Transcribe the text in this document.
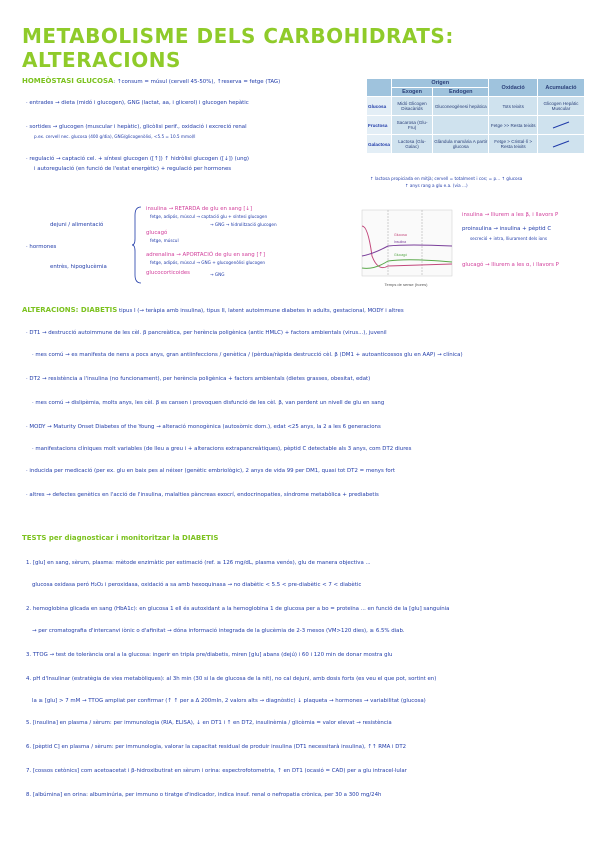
METABOLISME DELS CARBOHIDRATS: ALTERACIONS
HOMEÒSTASI GLUCOSA: ↑consum = músul (cervell 45-50%), ↑reserva = fetge (TAG)
· entrades → dieta (midó i glucogen), GNG (lactat, aa, i glicerol) i glucogen hepàtic
· sortides → glucogen (muscular i hepàtic), glicòlisi perif., oxidació i excreció renal
p.ex. cervell nec. glucosa (400 g/dia), GNG/glicogenòlisi, <5.5 = 10.5 mmol/l
· regulació → captació cel. + síntesi glucogen ([↑]) ↑ hidròlisi glucogen ([↓]) (ung)
i autoregulació (en funció de l'estat energètic) + regulació per hormones
	Origen		Oxidació	Acumulació
	Exogen	Endogen		
Glucosa	Midó Glicogen Disacàrids	Gluconeogènesi hepàtica	Tots teixits	Glicogen Hepàtic Muscular
Fructosa	Sacarosa (Glu-Fru)		Fetge >> Resta teixits	
Galactosa	Lactosa (Glu-Galac)	Glàndula mamària A partir glucosa	Fetge > Cristal·lí > Resta teixits	
↑ lactosa propiciada en mitjà; cervell = totalment i cos; = p... ↑ glucosa
↑ anys rang a glu e.a. (via ...)
· hormones
dejuni / alimentació
entrès, hipoglucèmia
insulina → RETARDA de glu en sang [↓]
fetge, adipós, múscul → captació glu + síntesi glucogen
→ GNG → hidrolització glucogen
glucagó
fetge, múscul
adrenalina → APORTACIÓ de glu en sang [↑]
fetge, adipós, múscul → GNG + glucogenòlisi glucogen
glucocorticoides	→ GNG
Temps de sense (hores)
Glucosa
Insulina
Glucagó
insulina → lliurem a les β, i llavors P
proinsulina → insulina + pèptid C
secreció + intra, lliurament dels ions
glucagó → lliurem a les α, i llavors P
ALTERACIONS: DIABETIS tipus I (→ teràpia amb insulina), tipus II, latent autoimmune diabetes in adults, gestacional, MODY i altres
· DT1 → destrucció autoimmune de les cèl. β pancreàtica, per herència poligènica (antic HMLC) + factors ambientals (virus...), juvenil
· mes comú → es manifesta de nens a pocs anys, gran antiinfeccions / genètica / (pèrdua/ràpida destrucció cèl. β (DM1 + autoanticossos glu en AAP) → clínica)
· DT2 → resistència a l'insulina (no funcionament), per herència poligènica + factors ambientals (dietes grasses, obesitat, edat)
· mes comú → dislipèmia, molts anys, les cèl. β es cansen i provoquen disfunció de les cèl. β, van perdent un nivell de glu en sang
· MODY → Maturity Onset Diabetes of the Young → alteració monogènica (autosòmic dom.), edat <25 anys, la 2 a les 6 generacions
· manifestacions clíniques molt variables (de lleu a greu i + alteracions extrapancreàtiques), pèptid C detectable als 3 anys, com DT2 diures
· inducida per medicació (per ex. glu en baix pes al néixer (genètic embriològic), 2 anys de vida 99 per DM1, quasi tot DT2 = menys fort
· altres → defectes genètics en l'acció de l'insulina, malalties pàncreas exocrí, endocrinopaties, síndrome metabòlica + prediabetis
TESTS per diagnosticar i monitoritzar la DIABETIS
1. [glu] en sang, sèrum, plasma: mètode enzimàtic per estimació (ref. ≥ 126 mg/dL, plasma venós), glu de manera objectiva ...
glucosa oxidasa peró H₂O₂ i peroxidasa, oxidació a sa amb hexoquinasa → no diabètic < 5.5 < pre-diabètic < 7 < diabètic
2. hemoglobina glicada en sang (HbA1c): en glucosa 1 ell és autoxidant a la hemoglobina 1 de glucosa per a bo = proteïna ... en funció de la [glu] sanguínia
→ per cromatografia d'intercanvi iònic o d'afinitat → dóna informació integrada de la glucèmia de 2-3 mesos (VM>120 dies), ≥ 6.5% diab.
3. TTOG → test de tolerància oral a la glucosa: ingerir en tripla pre/diabetis, miren [glu] abans (dejú) i 60 i 120 min de donar mostra glu
4. pH d'Insulinar (estratègia de vies metabòliques): al 3h min (30 si la de glucosa de la nit), no cal dejuni, amb dosis forts (es veu el que pot, sortint en)
la ≥ [glu] > 7 mM → TTOG ampliat per confirmar (↑ ↑ per a Δ 200mIn, 2 valors alts → diagnòstic) ↓ plaqueta → hormones → variabilitat (glucosa)
5. [insulina] en plasma / sèrum: per immunologia (RIA, ELISA), ↓ en DT1 i ↑ en DT2, insulinèmia / glicèmia = valor elevat → resistència
6. [pèptid C] en plasma / sèrum: per immunologia, valorar la capacitat residual de produir insulina (DT1 necessitarà insulina), ↑↑ RMA i DT2
7. [cossos cetònics] com acetoacetat i β-hidroxibutirat en sèrum i orina: espectrofotometria, ↑ en DT1 (ocasió = CAD) per a glu intracel·lular
8. [albúmina] en orina: albuminúria, per immuno o tiratge d'indicador, indica insuf. renal o nefropatia crònica, per 30 a 300 mg/24h
